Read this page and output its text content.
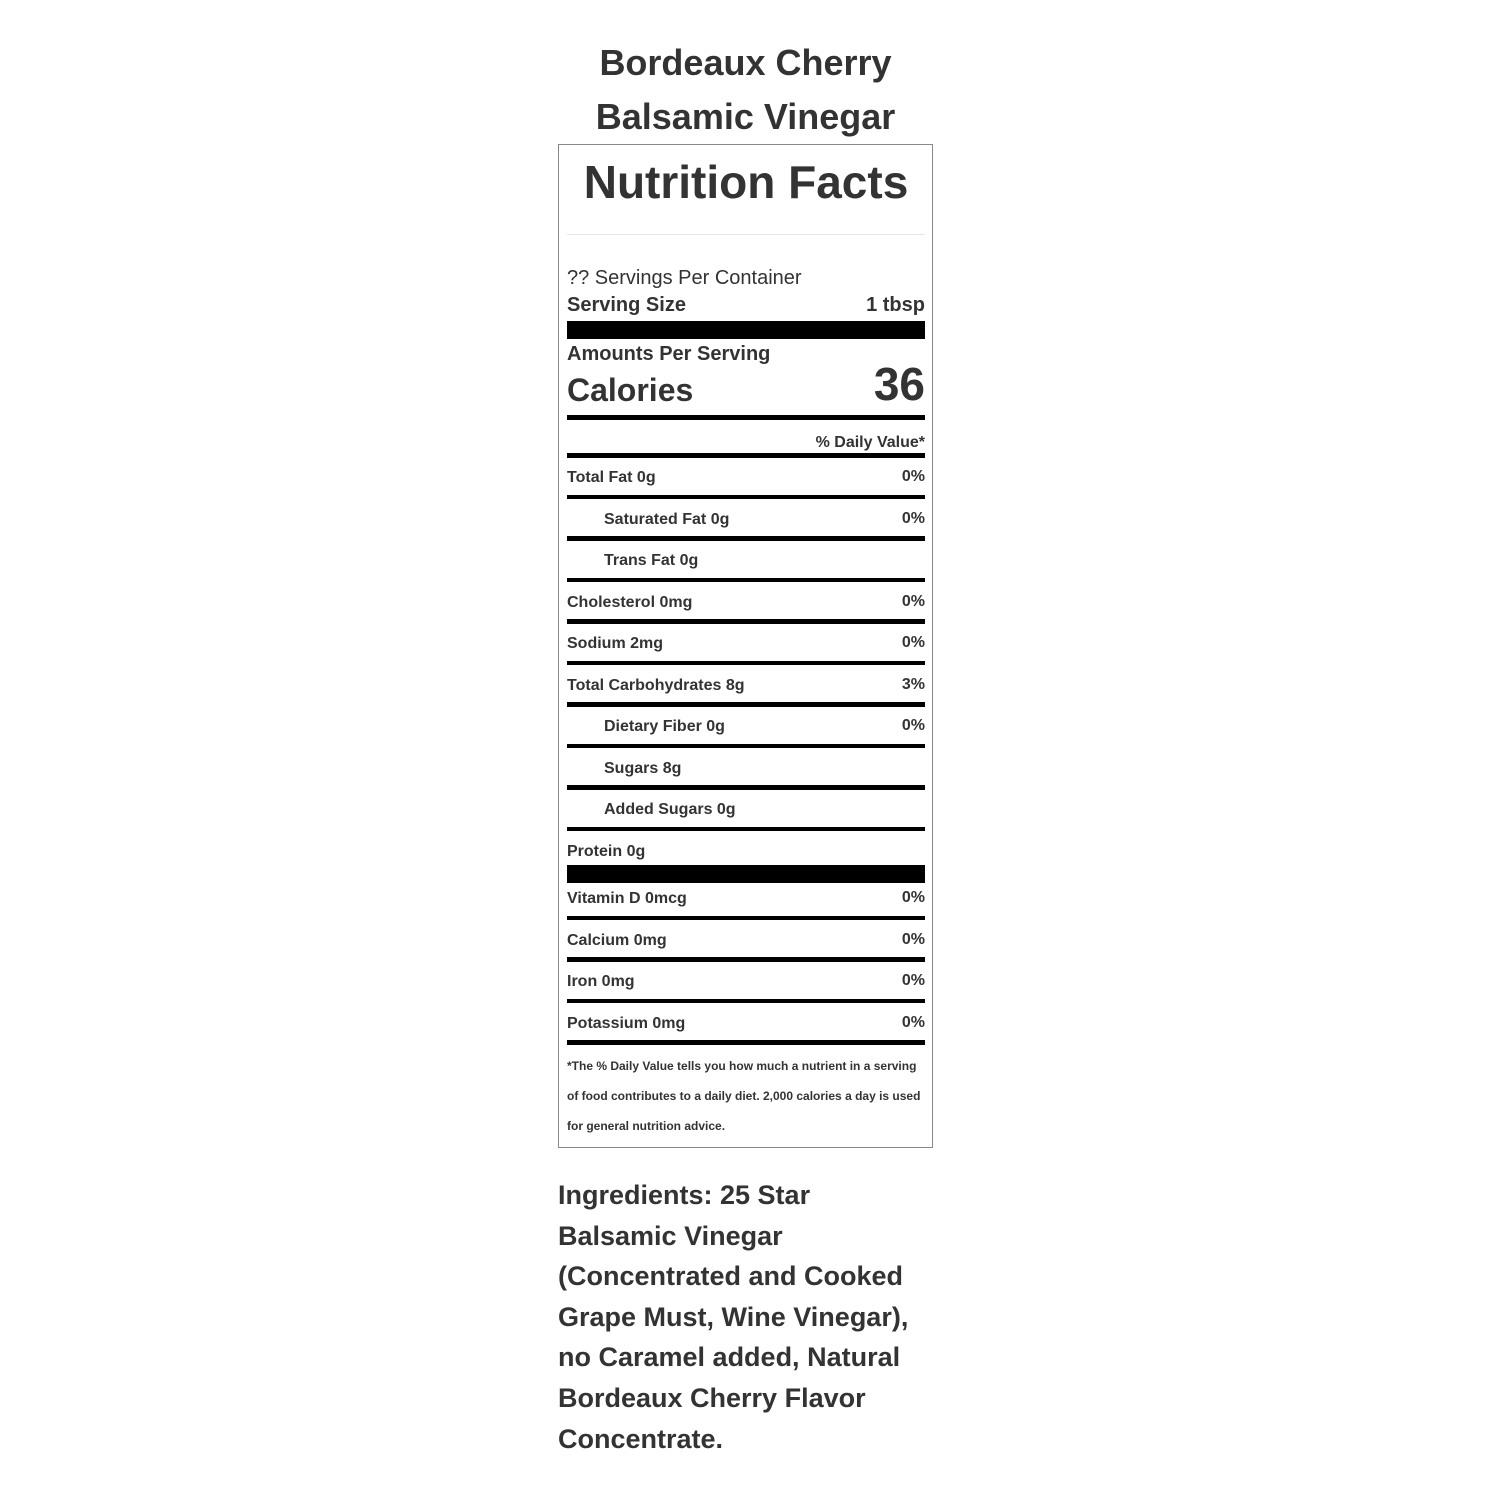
Bordeaux Cherry
Balsamic Vinegar
Nutrition Facts
?? Servings Per Container
Serving Size	1 tbsp
Amounts Per Serving
Calories	36
% Daily Value*
Total Fat 0g	0%
Saturated Fat 0g	0%
Trans Fat 0g
Cholesterol 0mg	0%
Sodium 2mg	0%
Total Carbohydrates 8g	3%
Dietary Fiber 0g	0%
Sugars 8g
Added Sugars 0g
Protein 0g
Vitamin D 0mcg	0%
Calcium 0mg	0%
Iron 0mg	0%
Potassium 0mg	0%
*The % Daily Value tells you how much a nutrient in a serving of food contributes to a daily diet. 2,000 calories a day is used for general nutrition advice.
Ingredients: 25 Star Balsamic Vinegar (Concentrated and Cooked Grape Must, Wine Vinegar), no Caramel added, Natural Bordeaux Cherry Flavor Concentrate.
